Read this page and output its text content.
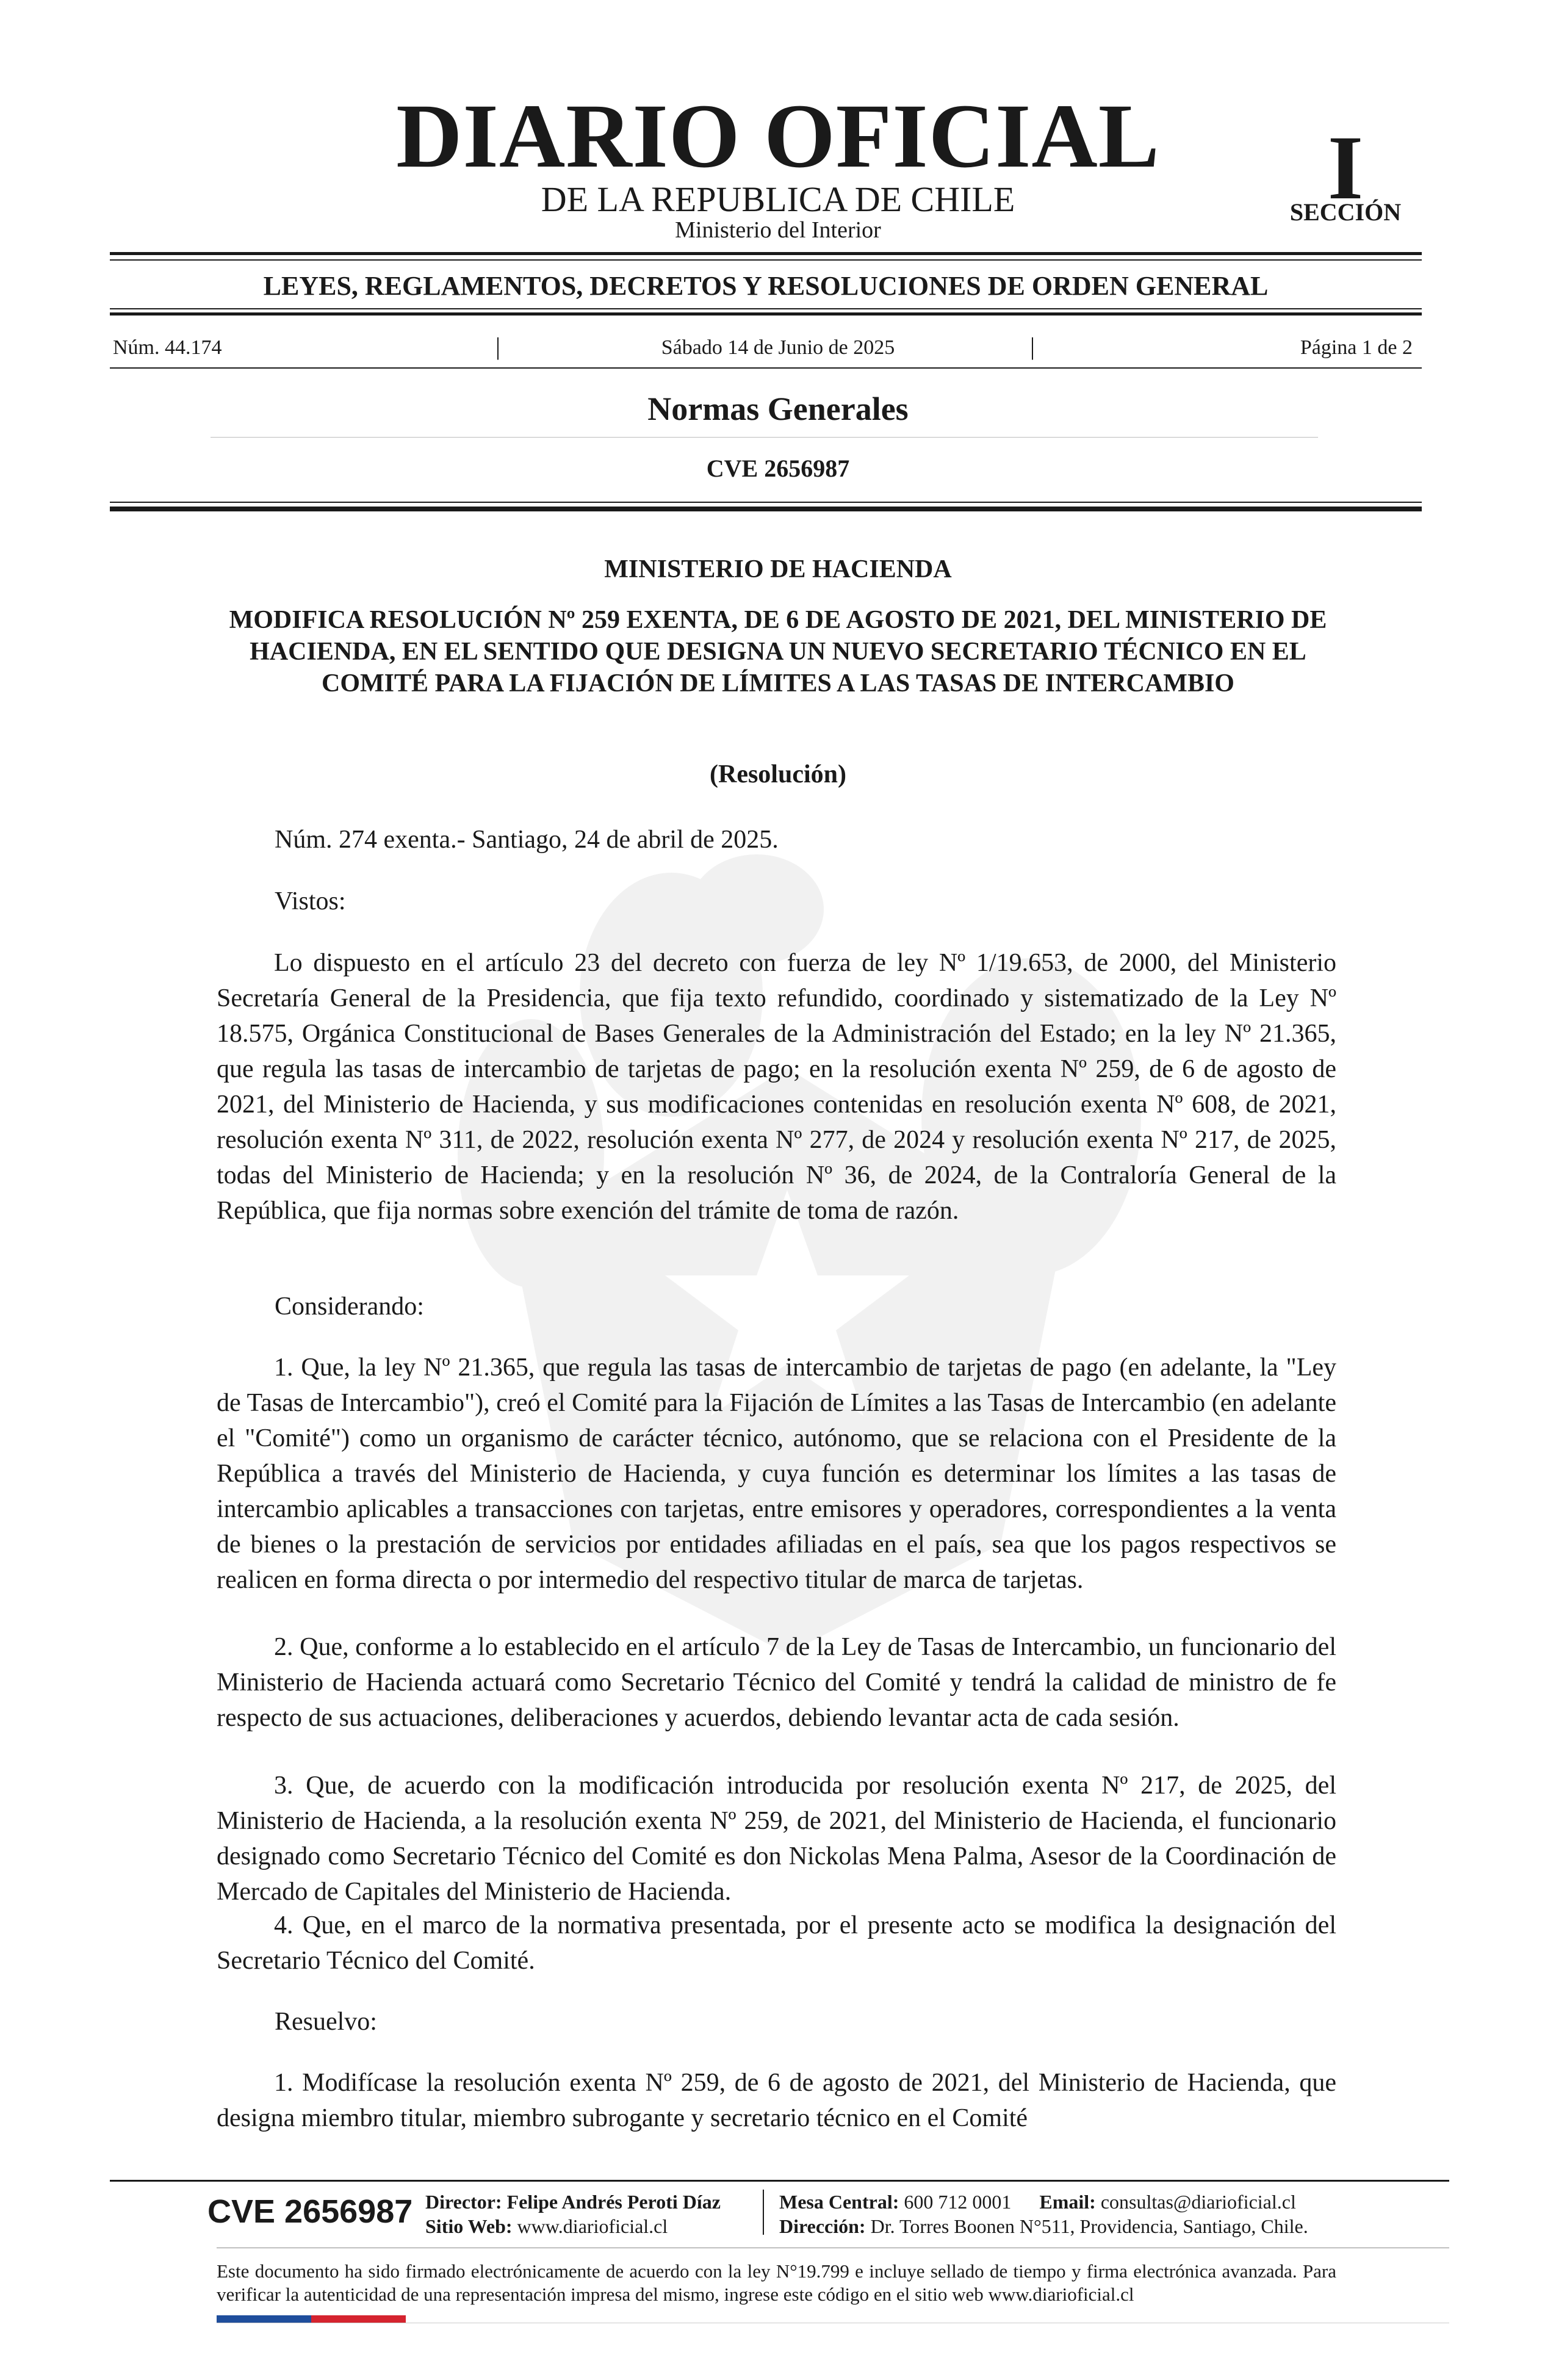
DIARIO OFICIAL
DE LA REPUBLICA DE CHILE
Ministerio del Interior
I
SECCIÓN
LEYES, REGLAMENTOS, DECRETOS Y RESOLUCIONES DE ORDEN GENERAL
Núm. 44.174	|	Sábado 14 de Junio de 2025	|	Página 1 de 2
Normas Generales
CVE 2656987
MINISTERIO DE HACIENDA
MODIFICA RESOLUCIÓN Nº 259 EXENTA, DE 6 DE AGOSTO DE 2021, DEL MINISTERIO DE HACIENDA, EN EL SENTIDO QUE DESIGNA UN NUEVO SECRETARIO TÉCNICO EN EL COMITÉ PARA LA FIJACIÓN DE LÍMITES A LAS TASAS DE INTERCAMBIO
(Resolución)
Núm. 274 exenta.- Santiago, 24 de abril de 2025.
Vistos:
Lo dispuesto en el artículo 23 del decreto con fuerza de ley Nº 1/19.653, de 2000, del Ministerio Secretaría General de la Presidencia, que fija texto refundido, coordinado y sistematizado de la Ley Nº 18.575, Orgánica Constitucional de Bases Generales de la Administración del Estado; en la ley Nº 21.365, que regula las tasas de intercambio de tarjetas de pago; en la resolución exenta Nº 259, de 6 de agosto de 2021, del Ministerio de Hacienda, y sus modificaciones contenidas en resolución exenta Nº 608, de 2021, resolución exenta Nº 311, de 2022, resolución exenta Nº 277, de 2024 y resolución exenta Nº 217, de 2025, todas del Ministerio de Hacienda; y en la resolución Nº 36, de 2024, de la Contraloría General de la República, que fija normas sobre exención del trámite de toma de razón.
Considerando:
1. Que, la ley Nº 21.365, que regula las tasas de intercambio de tarjetas de pago (en adelante, la "Ley de Tasas de Intercambio"), creó el Comité para la Fijación de Límites a las Tasas de Intercambio (en adelante el "Comité") como un organismo de carácter técnico, autónomo, que se relaciona con el Presidente de la República a través del Ministerio de Hacienda, y cuya función es determinar los límites a las tasas de intercambio aplicables a transacciones con tarjetas, entre emisores y operadores, correspondientes a la venta de bienes o la prestación de servicios por entidades afiliadas en el país, sea que los pagos respectivos se realicen en forma directa o por intermedio del respectivo titular de marca de tarjetas.
2. Que, conforme a lo establecido en el artículo 7 de la Ley de Tasas de Intercambio, un funcionario del Ministerio de Hacienda actuará como Secretario Técnico del Comité y tendrá la calidad de ministro de fe respecto de sus actuaciones, deliberaciones y acuerdos, debiendo levantar acta de cada sesión.
3. Que, de acuerdo con la modificación introducida por resolución exenta Nº 217, de 2025, del Ministerio de Hacienda, a la resolución exenta Nº 259, de 2021, del Ministerio de Hacienda, el funcionario designado como Secretario Técnico del Comité es don Nickolas Mena Palma, Asesor de la Coordinación de Mercado de Capitales del Ministerio de Hacienda.
4. Que, en el marco de la normativa presentada, por el presente acto se modifica la designación del Secretario Técnico del Comité.
Resuelvo:
1. Modifícase la resolución exenta Nº 259, de 6 de agosto de 2021, del Ministerio de Hacienda, que designa miembro titular, miembro subrogante y secretario técnico en el Comité
CVE 2656987 Director: Felipe Andrés Peroti Díaz
Sitio Web: www.diarioficial.cl
Mesa Central: 600 712 0001 Email: consultas@diarioficial.cl
Dirección: Dr. Torres Boonen N°511, Providencia, Santiago, Chile.
Este documento ha sido firmado electrónicamente de acuerdo con la ley N°19.799 e incluye sellado de tiempo y firma electrónica avanzada. Para verificar la autenticidad de una representación impresa del mismo, ingrese este código en el sitio web www.diarioficial.cl
